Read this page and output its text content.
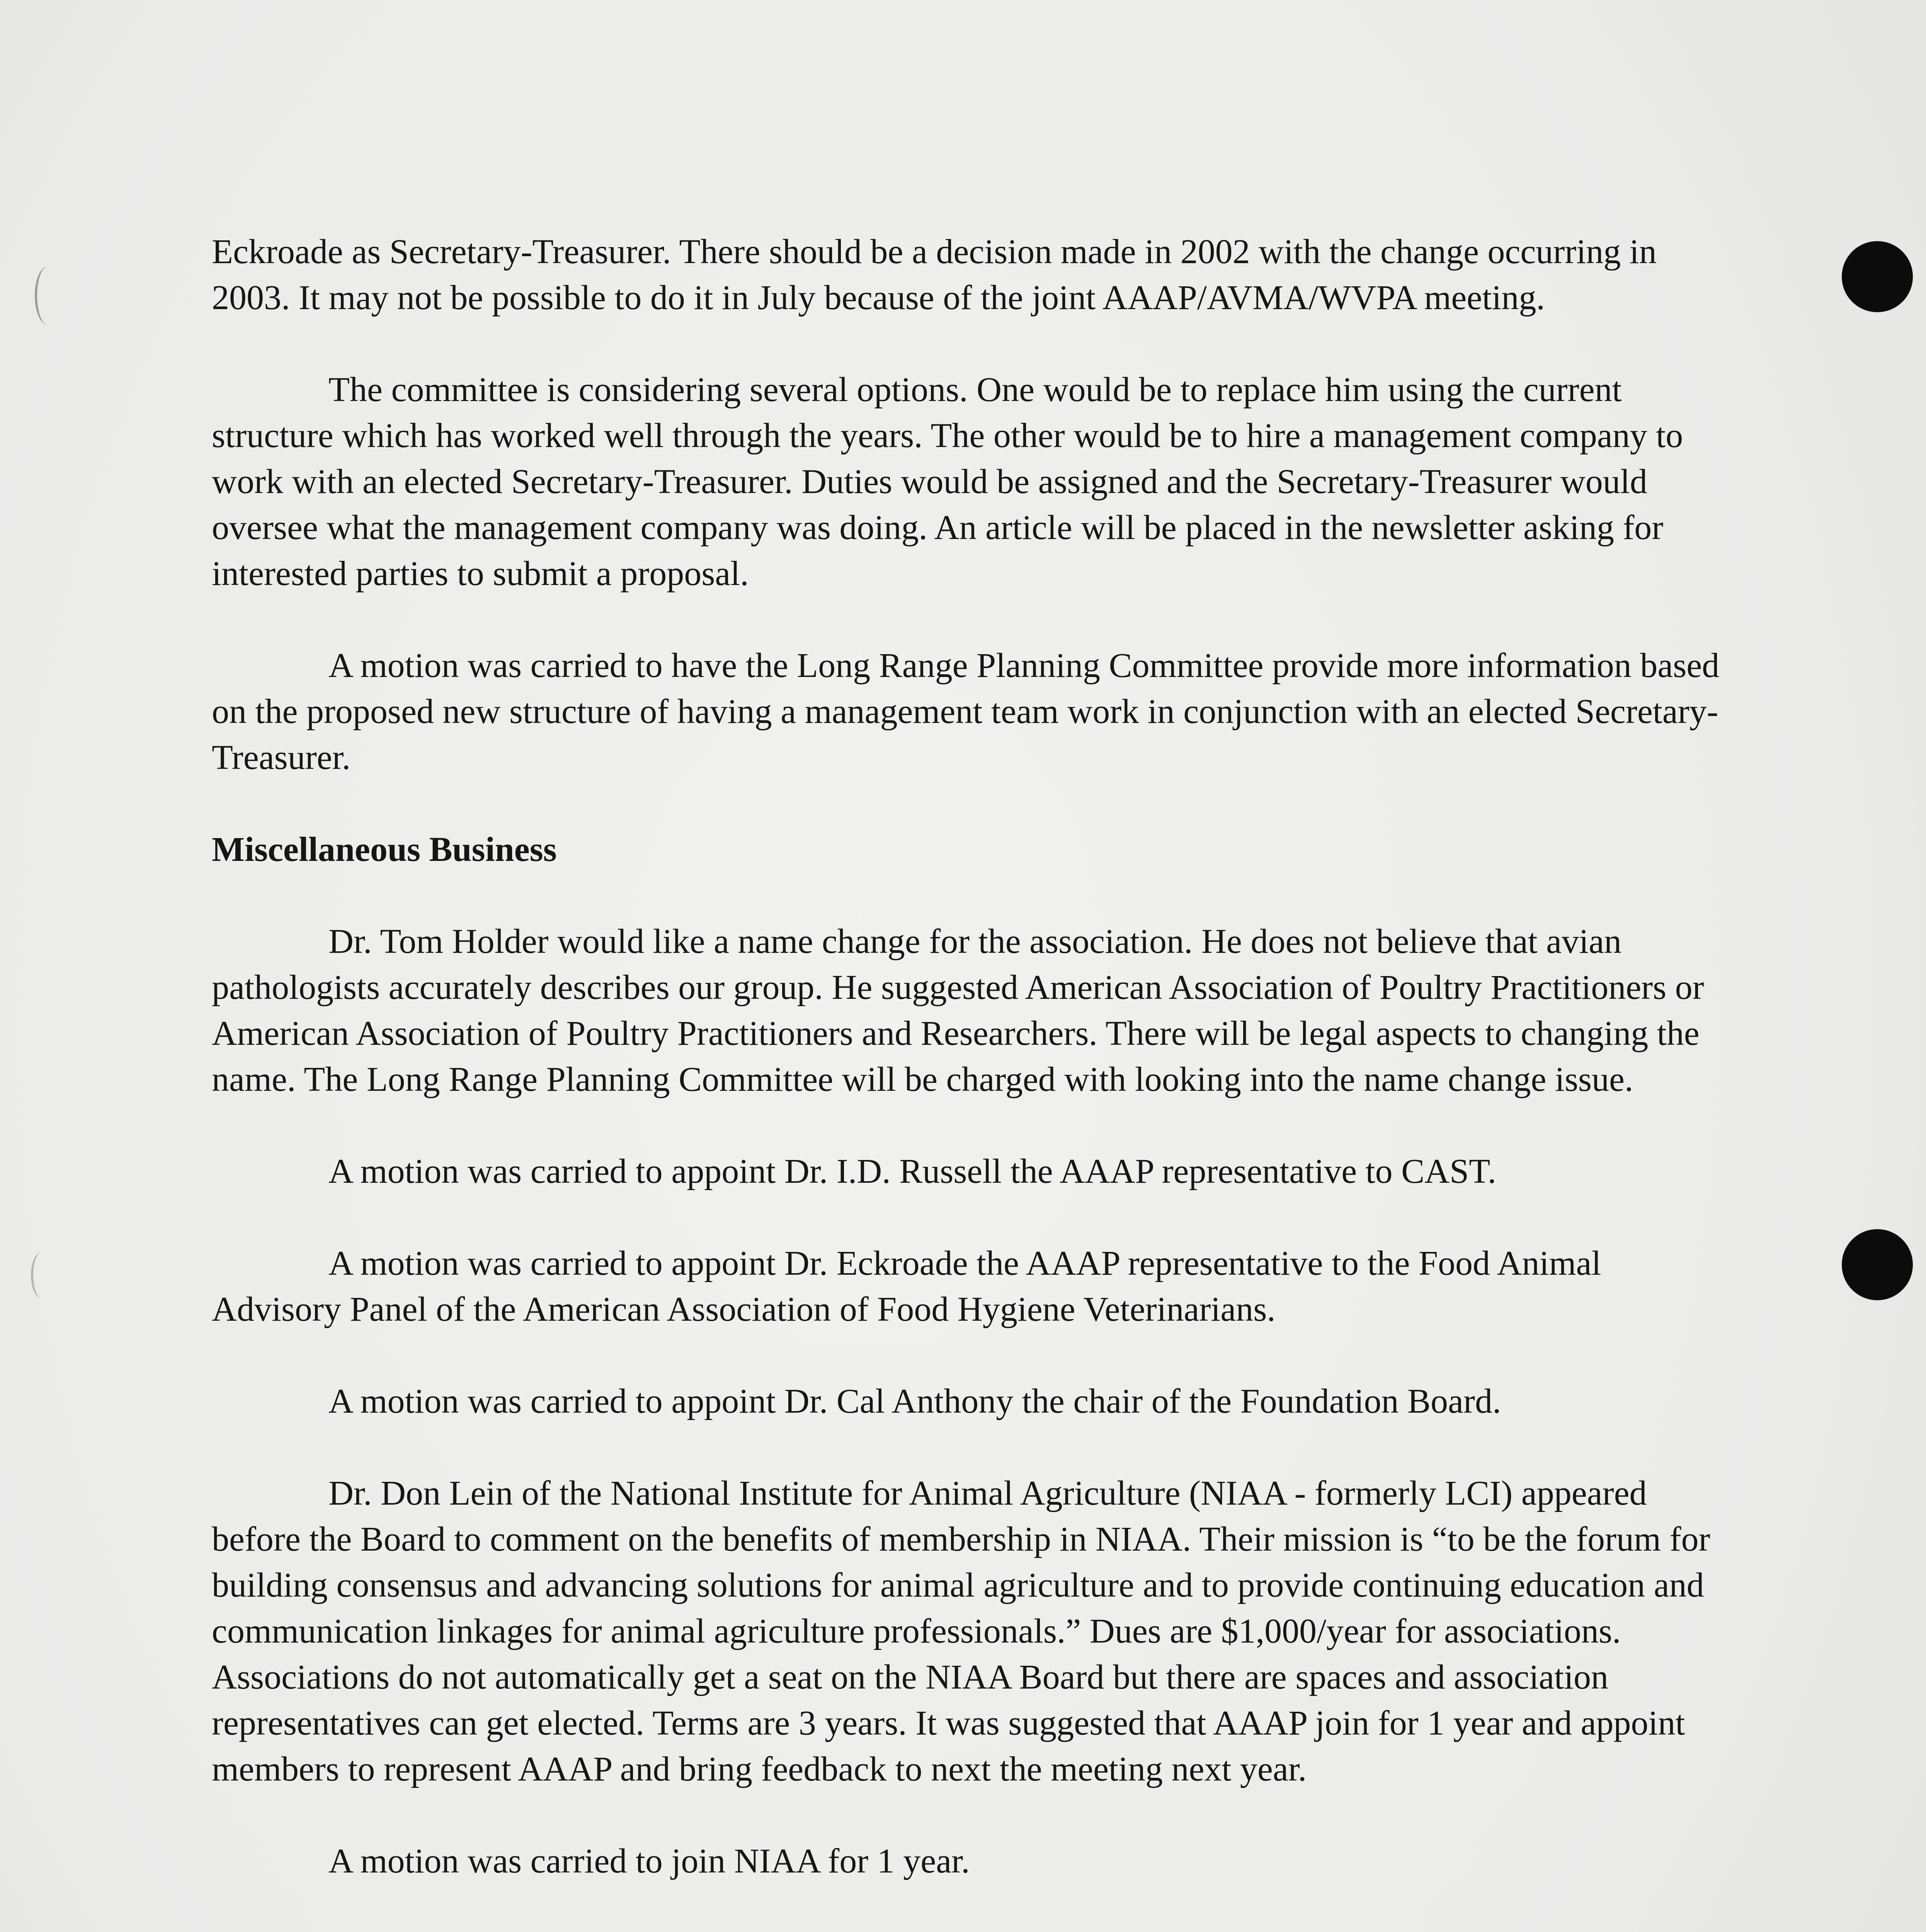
Eckroade as Secretary-Treasurer. There should be a decision made in 2002 with the change occurring in 2003. It may not be possible to do it in July because of the joint AAAP/AVMA/WVPA meeting.

The committee is considering several options. One would be to replace him using the current structure which has worked well through the years. The other would be to hire a management company to work with an elected Secretary-Treasurer. Duties would be assigned and the Secretary-Treasurer would oversee what the management company was doing. An article will be placed in the newsletter asking for interested parties to submit a proposal.

A motion was carried to have the Long Range Planning Committee provide more information based on the proposed new structure of having a management team work in conjunction with an elected Secretary-Treasurer.

Miscellaneous Business

Dr. Tom Holder would like a name change for the association. He does not believe that avian pathologists accurately describes our group. He suggested American Association of Poultry Practitioners or American Association of Poultry Practitioners and Researchers. There will be legal aspects to changing the name. The Long Range Planning Committee will be charged with looking into the name change issue.

A motion was carried to appoint Dr. I.D. Russell the AAAP representative to CAST.

A motion was carried to appoint Dr. Eckroade the AAAP representative to the Food Animal Advisory Panel of the American Association of Food Hygiene Veterinarians.

A motion was carried to appoint Dr. Cal Anthony the chair of the Foundation Board.

Dr. Don Lein of the National Institute for Animal Agriculture (NIAA - formerly LCI) appeared before the Board to comment on the benefits of membership in NIAA. Their mission is “to be the forum for building consensus and advancing solutions for animal agriculture and to provide continuing education and communication linkages for animal agriculture professionals.” Dues are $1,000/year for associations. Associations do not automatically get a seat on the NIAA Board but there are spaces and association representatives can get elected. Terms are 3 years. It was suggested that AAAP join for 1 year and appoint members to represent AAAP and bring feedback to next the meeting next year.

A motion was carried to join NIAA for 1 year.
